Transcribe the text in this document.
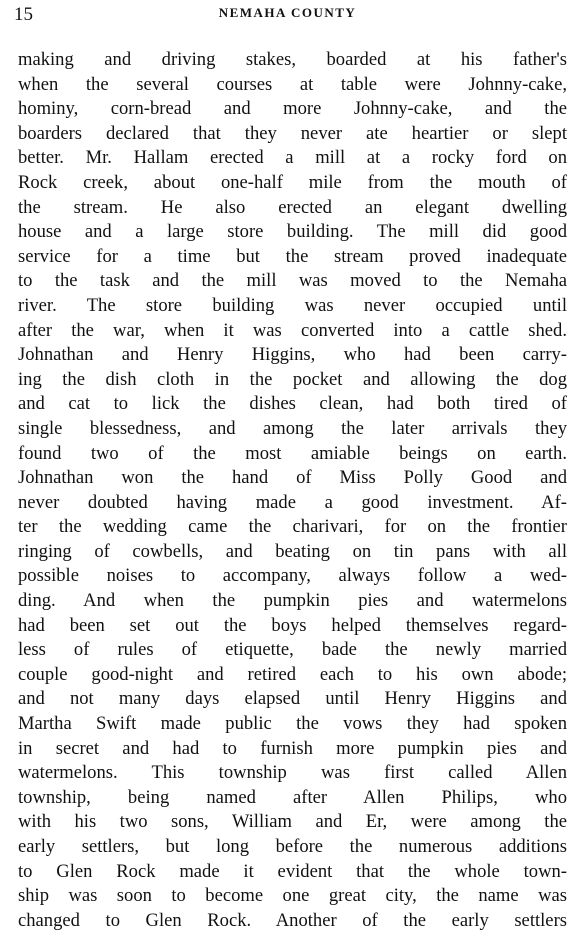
15	NEMAHA COUNTY
making and driving stakes, boarded at his father's
when the several courses at table were Johnny-cake,
hominy, corn-bread and more Johnny-cake, and the
boarders declared that they never ate heartier or slept
better. Mr. Hallam erected a mill at a rocky ford on
Rock creek, about one-half mile from the mouth of
the stream. He also erected an elegant dwelling
house and a large store building. The mill did good
service for a time but the stream proved inadequate
to the task and the mill was moved to the Nemaha
river. The store building was never occupied until
after the war, when it was converted into a cattle shed.
Johnathan and Henry Higgins, who had been carry-
ing the dish cloth in the pocket and allowing the dog
and cat to lick the dishes clean, had both tired of
single blessedness, and among the later arrivals they
found two of the most amiable beings on earth.
Johnathan won the hand of Miss Polly Good and
never doubted having made a good investment. Af-
ter the wedding came the charivari, for on the frontier
ringing of cowbells, and beating on tin pans with all
possible noises to accompany, always follow a wed-
ding. And when the pumpkin pies and watermelons
had been set out the boys helped themselves regard-
less of rules of etiquette, bade the newly married
couple good-night and retired each to his own abode;
and not many days elapsed until Henry Higgins and
Martha Swift made public the vows they had spoken
in secret and had to furnish more pumpkin pies and
watermelons. This township was first called Allen
township, being named after Allen Philips, who
with his two sons, William and Er, were among the
early settlers, but long before the numerous additions
to Glen Rock made it evident that the whole town-
ship was soon to become one great city, the name was
changed to Glen Rock. Another of the early settlers
